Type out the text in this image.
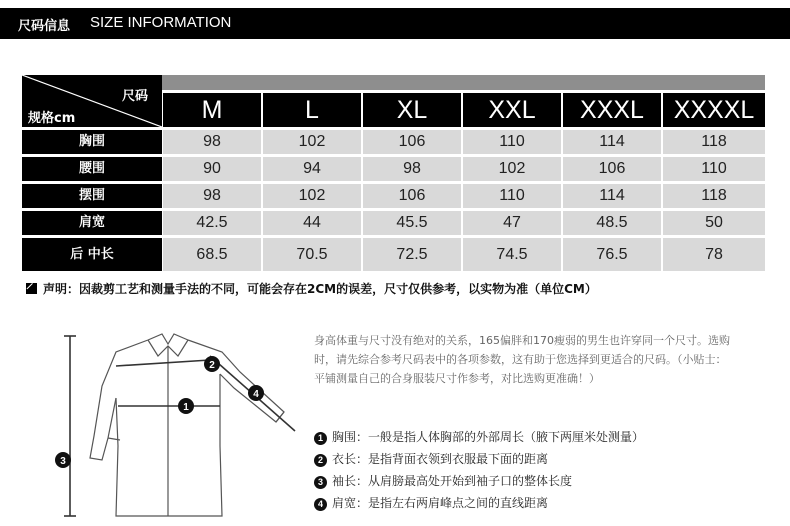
尺码信息 SIZE INFORMATION
尺码
规格cm	M	L	XL	XXL	XXXL	XXXXL
胸围	98	102	106	110	114	118
腰围	90	94	98	102	106	110
摆围	98	102	106	110	114	118
肩宽	42.5	44	45.5	47	48.5	50
后 中长	68.5	70.5	72.5	74.5	76.5	78
声明：因裁剪工艺和测量手法的不同，可能会存在2CM的误差，尺寸仅供参考，以实物为准（单位CM）
1
2
3
4
身高体重与尺寸没有绝对的关系，165偏胖和170瘦弱的男生也许穿同一个尺寸。选购时，请先综合参考尺码表中的各项参数，这有助于您选择到更适合的尺码。（小贴士：平铺测量自己的合身服装尺寸作参考，对比选购更准确！）
1 胸围：一般是指人体胸部的外部周长（腋下两厘米处测量）
2 衣长：是指背面衣领到衣服最下面的距离
3 袖长：从肩膀最高处开始到袖子口的整体长度
4 肩宽：是指左右两肩峰点之间的直线距离
